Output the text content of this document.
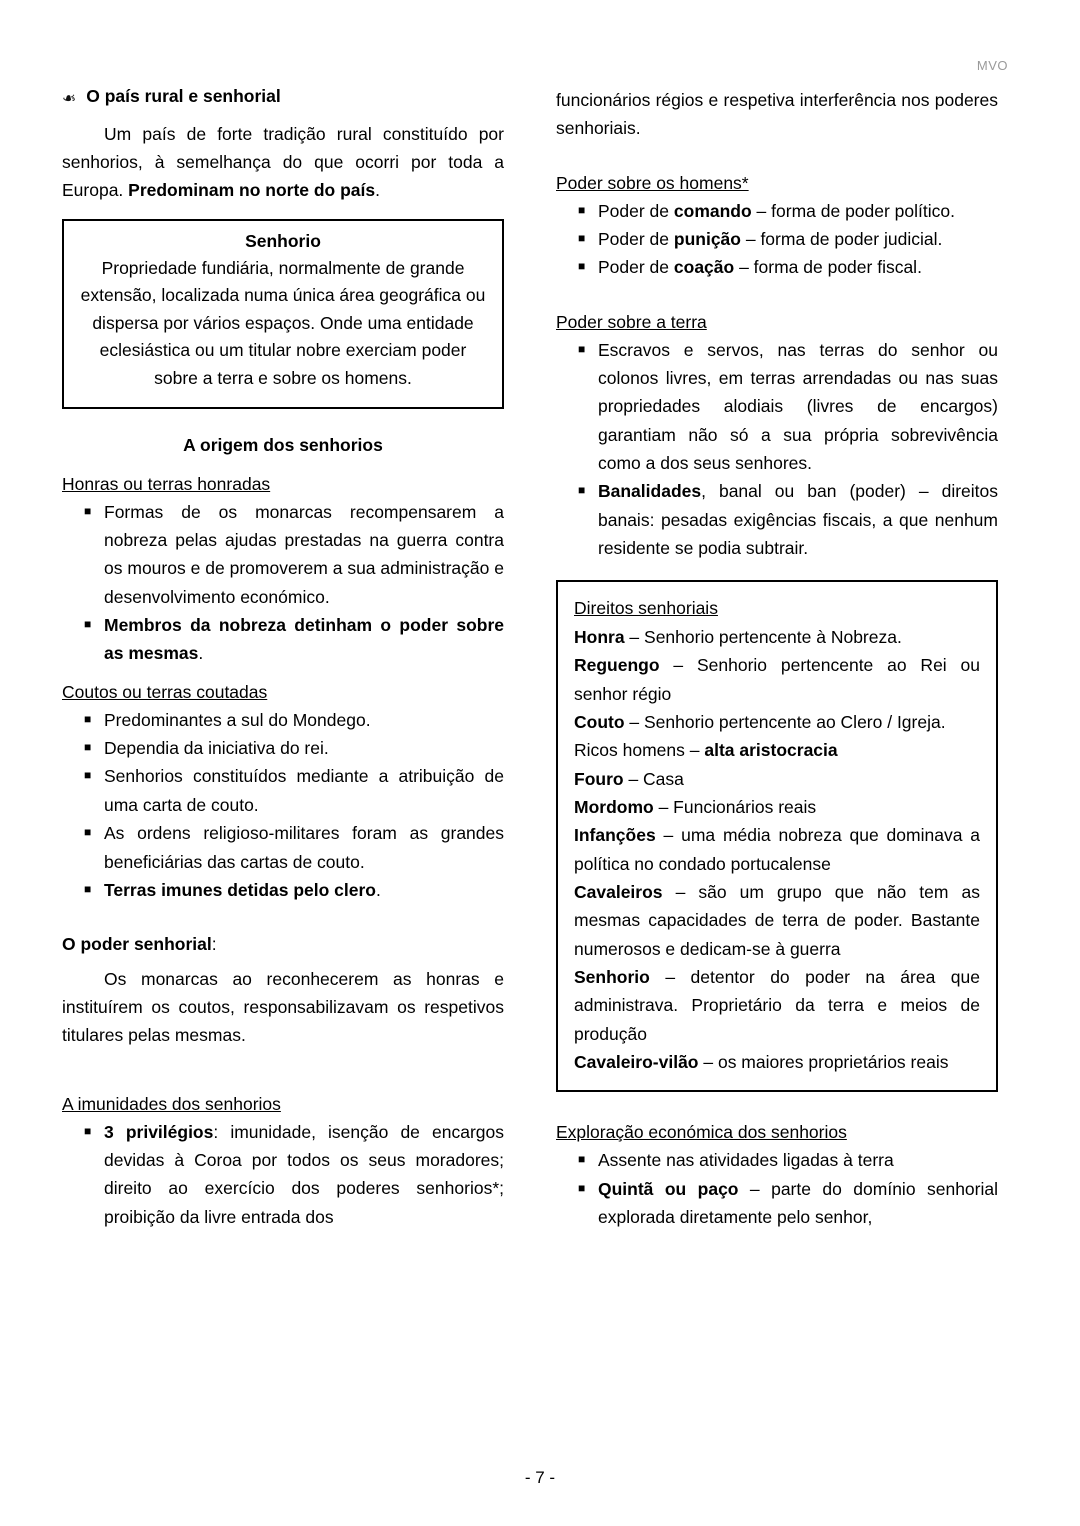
MVO
❧ O país rural e senhorial
Um país de forte tradição rural constituído por senhorios, à semelhança do que ocorri por toda a Europa. Predominam no norte do país.
Senhorio
Propriedade fundiária, normalmente de grande extensão, localizada numa única área geográfica ou dispersa por vários espaços. Onde uma entidade eclesiástica ou um titular nobre exerciam poder sobre a terra e sobre os homens.
A origem dos senhorios
Honras ou terras honradas
■ Formas de os monarcas recompensarem a nobreza pelas ajudas prestadas na guerra contra os mouros e de promoverem a sua administração e desenvolvimento económico.
■ Membros da nobreza detinham o poder sobre as mesmas.
Coutos ou terras coutadas
■ Predominantes a sul do Mondego.
■ Dependia da iniciativa do rei.
■ Senhorios constituídos mediante a atribuição de uma carta de couto.
■ As ordens religioso-militares foram as grandes beneficiárias das cartas de couto.
■ Terras imunes detidas pelo clero.
O poder senhorial:
Os monarcas ao reconhecerem as honras e instituírem os coutos, responsabilizavam os respetivos titulares pelas mesmas.
A imunidades dos senhorios
■ 3 privilégios: imunidade, isenção de encargos devidas à Coroa por todos os seus moradores; direito ao exercício dos poderes senhorios*; proibição da livre entrada dos
funcionários régios e respetiva interferência nos poderes senhoriais.
Poder sobre os homens*
■ Poder de comando – forma de poder político.
■ Poder de punição – forma de poder judicial.
■ Poder de coação – forma de poder fiscal.
Poder sobre a terra
■ Escravos e servos, nas terras do senhor ou colonos livres, em terras arrendadas ou nas suas propriedades alodiais (livres de encargos) garantiam não só a sua própria sobrevivência como a dos seus senhores.
■ Banalidades, banal ou ban (poder) – direitos banais: pesadas exigências fiscais, a que nenhum residente se podia subtrair.
Direitos senhoriais
Honra – Senhorio pertencente à Nobreza.
Reguengo – Senhorio pertencente ao Rei ou senhor régio
Couto – Senhorio pertencente ao Clero / Igreja.
Ricos homens – alta aristocracia
Fouro – Casa
Mordomo – Funcionários reais
Infanções – uma média nobreza que dominava a política no condado portucalense
Cavaleiros – são um grupo que não tem as mesmas capacidades de terra de poder. Bastante numerosos e dedicam-se à guerra
Senhorio – detentor do poder na área que administrava. Proprietário da terra e meios de produção
Cavaleiro-vilão – os maiores proprietários reais
Exploração económica dos senhorios
■ Assente nas atividades ligadas à terra
■ Quintã ou paço – parte do domínio senhorial explorada diretamente pelo senhor,
- 7 -
